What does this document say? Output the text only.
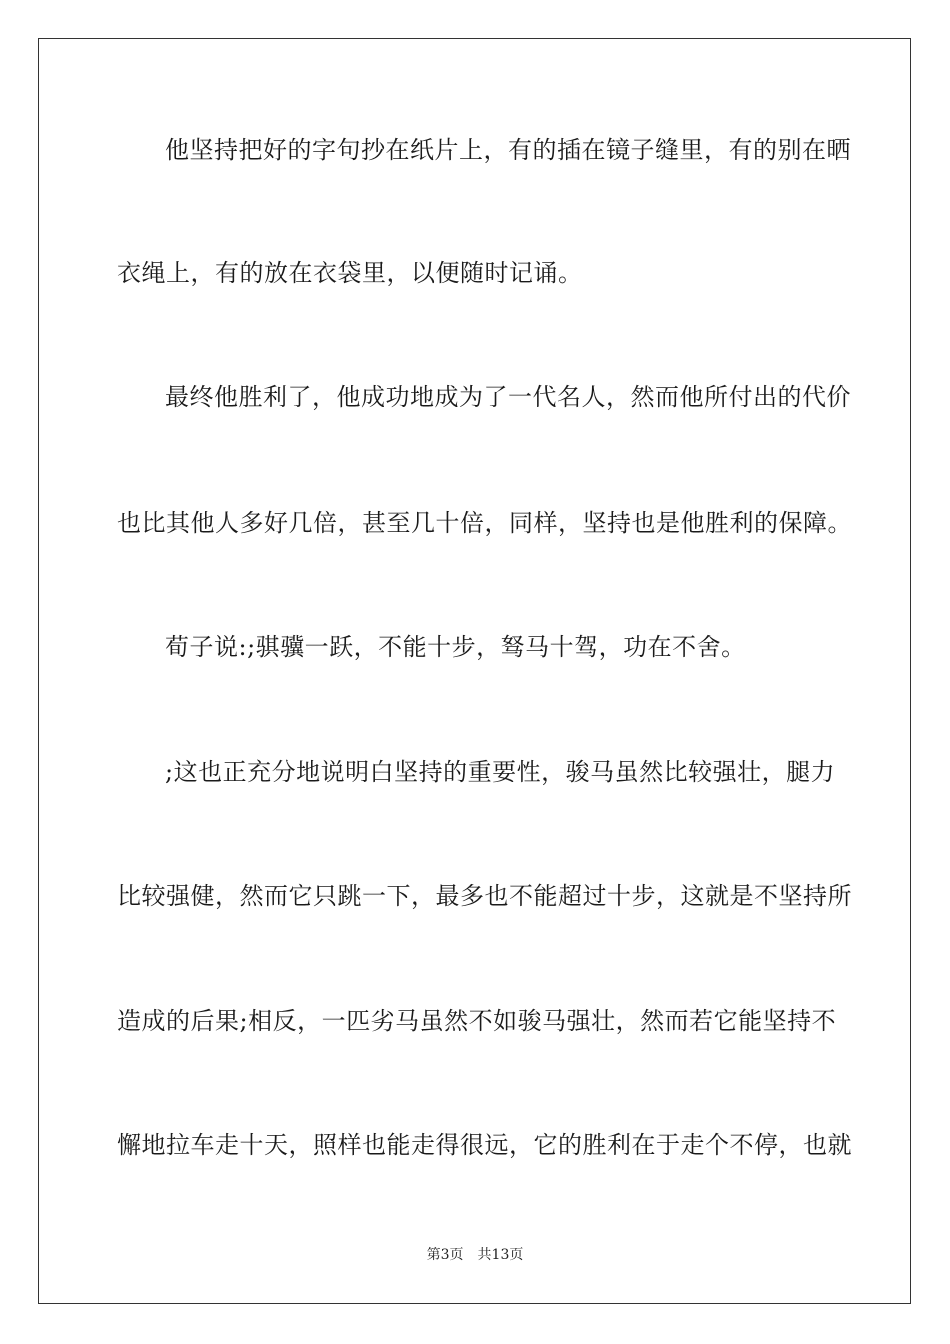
他坚持把好的字句抄在纸片上，有的插在镜子缝里，有的别在晒
衣绳上，有的放在衣袋里，以便随时记诵。
最终他胜利了，他成功地成为了一代名人，然而他所付出的代价
也比其他人多好几倍，甚至几十倍，同样，坚持也是他胜利的保障。
荀子说:;骐骥一跃，不能十步，驽马十驾，功在不舍。
;这也正充分地说明白坚持的重要性，骏马虽然比较强壮，腿力
比较强健，然而它只跳一下，最多也不能超过十步，这就是不坚持所
造成的后果;相反，一匹劣马虽然不如骏马强壮，然而若它能坚持不
懈地拉车走十天，照样也能走得很远，它的胜利在于走个不停，也就
第3页 共13页
